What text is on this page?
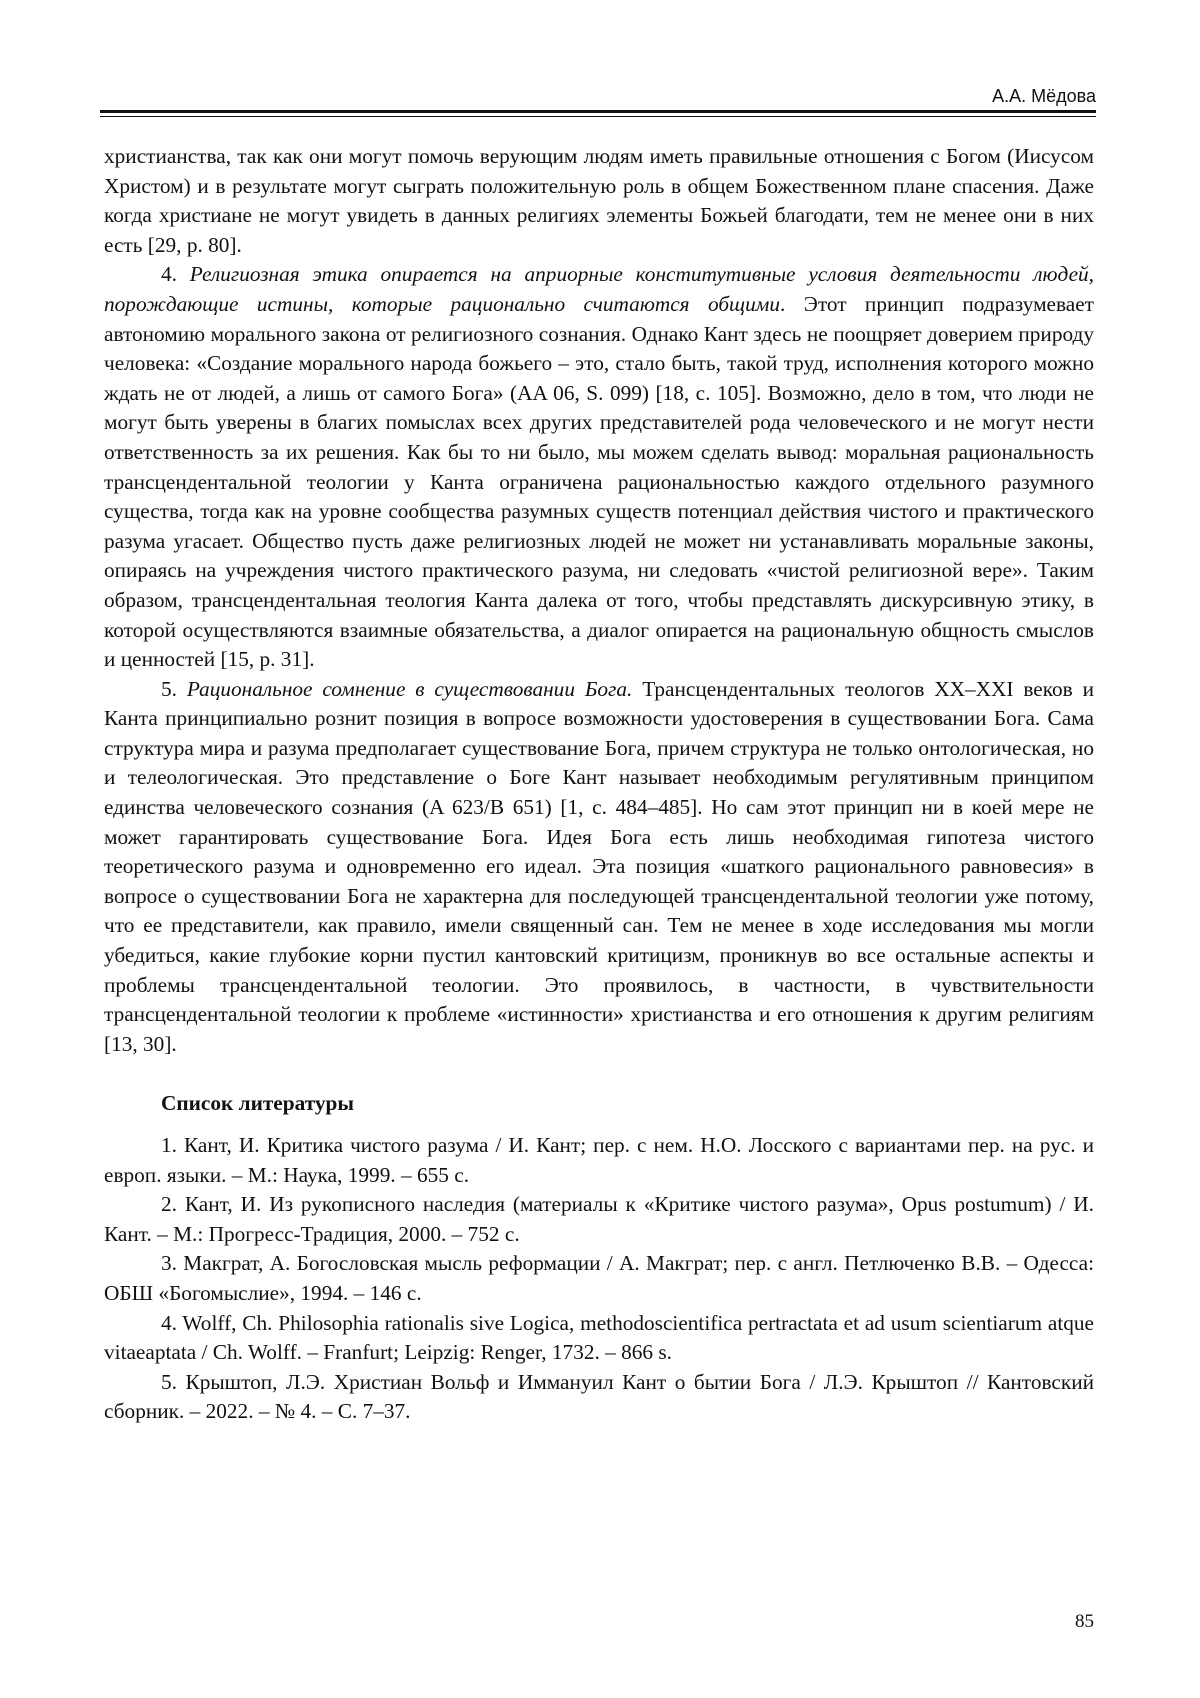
А.А. Мёдова

христианства, так как они могут помочь верующим людям иметь правильные отношения с Богом (Иисусом Христом) и в результате могут сыграть положительную роль в общем Божественном плане спасения. Даже когда христиане не могут увидеть в данных религиях элементы Божьей благодати, тем не менее они в них есть [29, p. 80].

4. Религиозная этика опирается на априорные конститутивные условия деятельности людей, порождающие истины, которые рационально считаются общими. Этот принцип подразумевает автономию морального закона от религиозного сознания. Однако Кант здесь не поощряет доверием природу человека: «Создание морального народа божьего – это, стало быть, такой труд, исполнения которого можно ждать не от людей, а лишь от самого Бога» (AA 06, S. 099) [18, с. 105]. Возможно, дело в том, что люди не могут быть уверены в благих помыслах всех других представителей рода человеческого и не могут нести ответственность за их решения. Как бы то ни было, мы можем сделать вывод: моральная рациональность трансцендентальной теологии у Канта ограничена рациональностью каждого отдельного разумного существа, тогда как на уровне сообщества разумных существ потенциал действия чистого и практического разума угасает. Общество пусть даже религиозных людей не может ни устанавливать моральные законы, опираясь на учреждения чистого практического разума, ни следовать «чистой религиозной вере». Таким образом, трансцендентальная теология Канта далека от того, чтобы представлять дискурсивную этику, в которой осуществляются взаимные обязательства, а диалог опирается на рациональную общность смыслов и ценностей [15, p. 31].

5. Рациональное сомнение в существовании Бога. Трансцендентальных теологов XX–XXI веков и Канта принципиально рознит позиция в вопросе возможности удостоверения в существовании Бога. Сама структура мира и разума предполагает существование Бога, причем структура не только онтологическая, но и телеологическая. Это представление о Боге Кант называет необходимым регулятивным принципом единства человеческого сознания (A 623/B 651) [1, с. 484–485]. Но сам этот принцип ни в коей мере не может гарантировать существование Бога. Идея Бога есть лишь необходимая гипотеза чистого теоретического разума и одновременно его идеал. Эта позиция «шаткого рационального равновесия» в вопросе о существовании Бога не характерна для последующей трансцендентальной теологии уже потому, что ее представители, как правило, имели священный сан. Тем не менее в ходе исследования мы могли убедиться, какие глубокие корни пустил кантовский критицизм, проникнув во все остальные аспекты и проблемы трансцендентальной теологии. Это проявилось, в частности, в чувствительности трансцендентальной теологии к проблеме «истинности» христианства и его отношения к другим религиям [13, 30].

Список литературы

1. Кант, И. Критика чистого разума / И. Кант; пер. с нем. Н.О. Лосского с вариантами пер. на рус. и европ. языки. – М.: Наука, 1999. – 655 с.

2. Кант, И. Из рукописного наследия (материалы к «Критике чистого разума», Opus postumum) / И. Кант. – М.: Прогресс-Традиция, 2000. – 752 с.

3. Макграт, А. Богословская мысль реформации / А. Макграт; пер. с англ. Петлюченко В.В. – Одесса: ОБШ «Богомыслие», 1994. – 146 с.

4. Wolff, Ch. Philosophia rationalis sive Logica, methodoscientifica pertractata et ad usum scientiarum atque vitaeaptata / Ch. Wolff. – Franfurt; Leipzig: Renger, 1732. – 866 s.

5. Крыштоп, Л.Э. Христиан Вольф и Иммануил Кант о бытии Бога / Л.Э. Крыштоп // Кантовский сборник. – 2022. – № 4. – С. 7–37.

85
